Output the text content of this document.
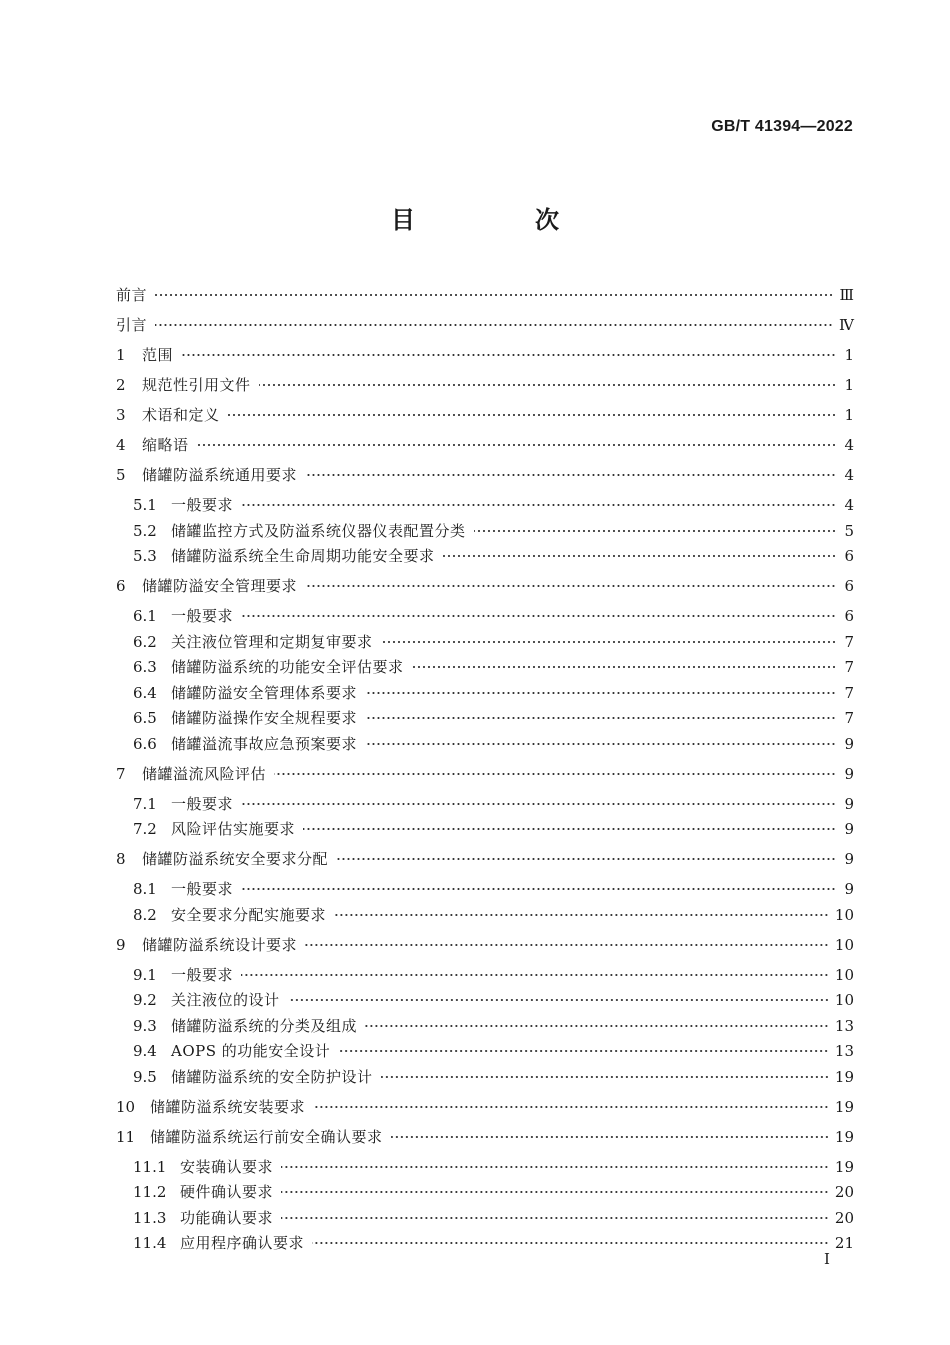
GB/T 41394—2022
目　次
前言	Ⅲ
引言	Ⅳ
1	范围	1
2	规范性引用文件	1
3	术语和定义	1
4	缩略语	4
5	储罐防溢系统通用要求	4
5.1 一般要求	4
5.2 储罐监控方式及防溢系统仪器仪表配置分类	5
5.3 储罐防溢系统全生命周期功能安全要求	6
6	储罐防溢安全管理要求	6
6.1 一般要求	6
6.2 关注液位管理和定期复审要求	7
6.3 储罐防溢系统的功能安全评估要求	7
6.4 储罐防溢安全管理体系要求	7
6.5 储罐防溢操作安全规程要求	7
6.6 储罐溢流事故应急预案要求	9
7	储罐溢流风险评估	9
7.1 一般要求	9
7.2 风险评估实施要求	9
8	储罐防溢系统安全要求分配	9
8.1 一般要求	9
8.2 安全要求分配实施要求	10
9	储罐防溢系统设计要求	10
9.1 一般要求	10
9.2 关注液位的设计	10
9.3 储罐防溢系统的分类及组成	13
9.4 AOPS 的功能安全设计	13
9.5 储罐防溢系统的安全防护设计	19
10 储罐防溢系统安装要求	19
11 储罐防溢系统运行前安全确认要求	19
11.1 安装确认要求	19
11.2 硬件确认要求	20
11.3 功能确认要求	20
11.4 应用程序确认要求	21
I
